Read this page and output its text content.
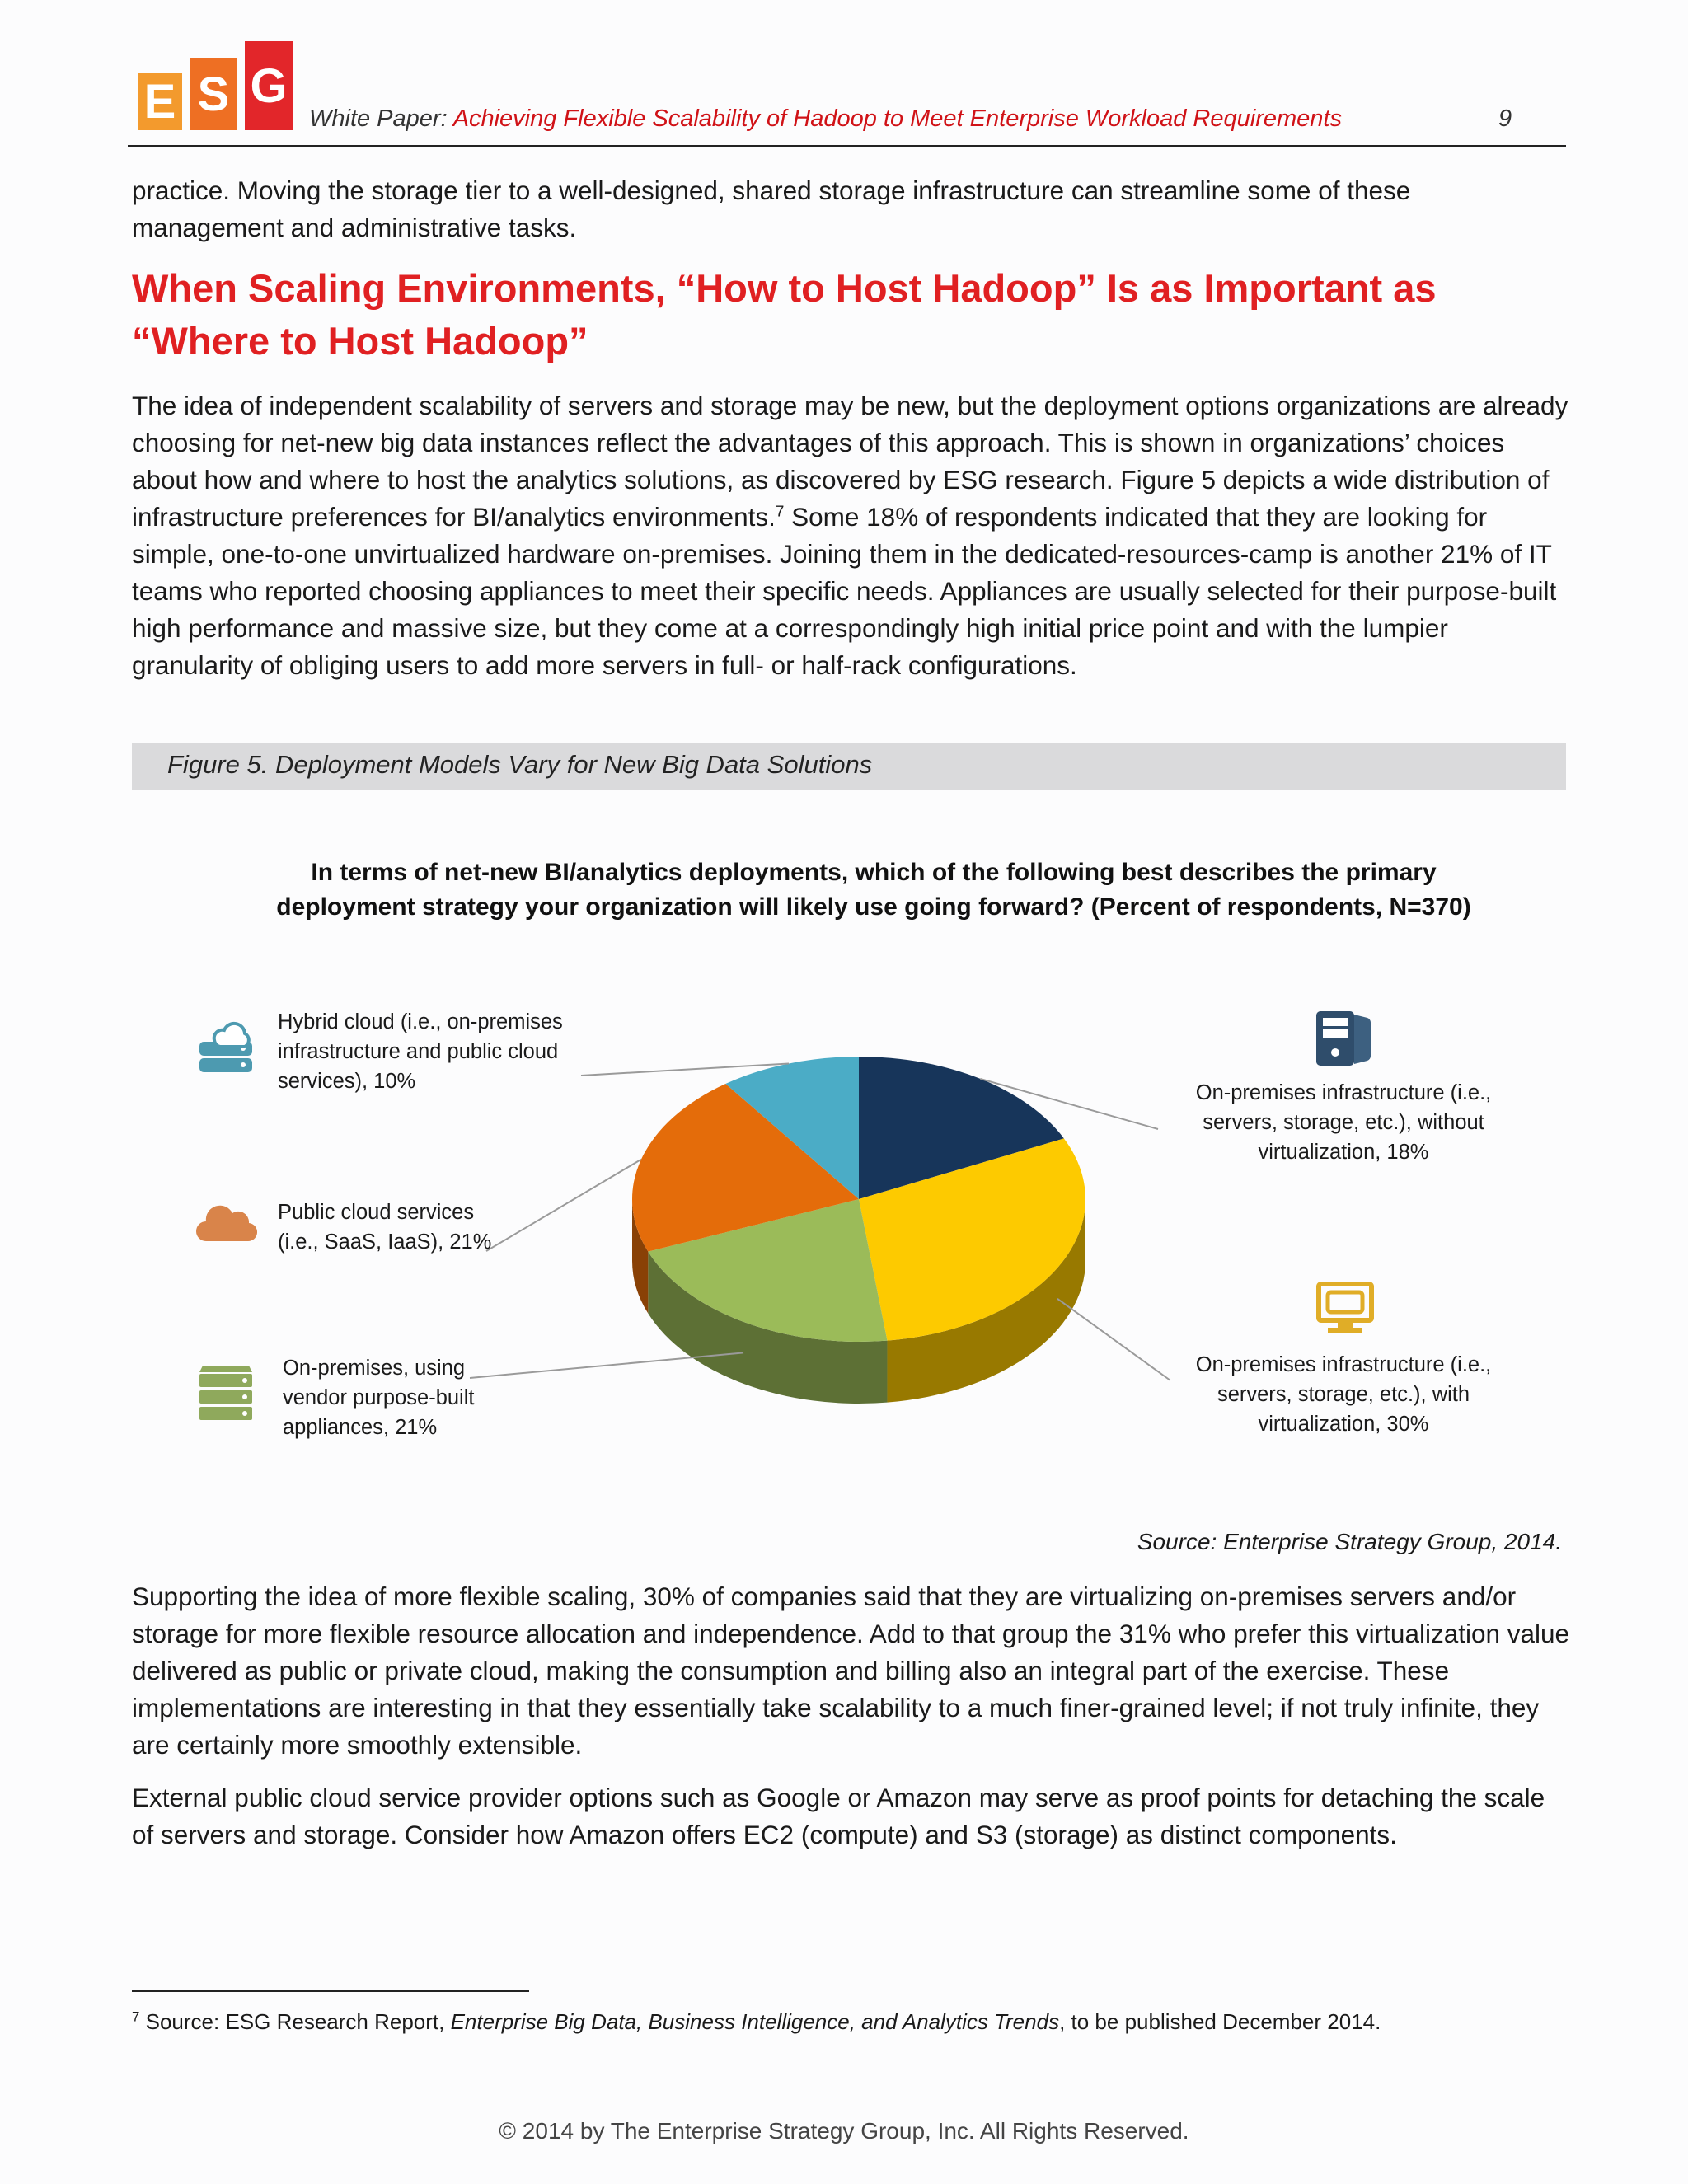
E S G
White Paper: Achieving Flexible Scalability of Hadoop to Meet Enterprise Workload Requirements	9
practice. Moving the storage tier to a well-designed, shared storage infrastructure can streamline some of these management and administrative tasks.
When Scaling Environments, “How to Host Hadoop” Is as Important as “Where to Host Hadoop”
The idea of independent scalability of servers and storage may be new, but the deployment options organizations are already choosing for net-new big data instances reflect the advantages of this approach. This is shown in organizations’ choices about how and where to host the analytics solutions, as discovered by ESG research. Figure 5 depicts a wide distribution of infrastructure preferences for BI/analytics environments.$^7$ Some 18% of respondents indicated that they are looking for simple, one-to-one unvirtualized hardware on-premises. Joining them in the dedicated-resources-camp is another 21% of IT teams who reported choosing appliances to meet their specific needs. Appliances are usually selected for their purpose-built high performance and massive size, but they come at a correspondingly high initial price point and with the lumpier granularity of obliging users to add more servers in full- or half-rack configurations.
Figure 5. Deployment Models Vary for New Big Data Solutions
In terms of net-new BI/analytics deployments, which of the following best describes the primary
deployment strategy your organization will likely use going forward? (Percent of respondents, N=370)
Hybrid cloud (i.e., on-premises
infrastructure and public cloud
services), 10%
Public cloud services
(i.e., SaaS, IaaS), 21%
On-premises, using
vendor purpose-built
appliances, 21%
On-premises infrastructure (i.e.,
servers, storage, etc.), without
virtualization, 18%
On-premises infrastructure (i.e.,
servers, storage, etc.), with
virtualization, 30%
Source: Enterprise Strategy Group, 2014.
Supporting the idea of more flexible scaling, 30% of companies said that they are virtualizing on-premises servers and/or storage for more flexible resource allocation and independence. Add to that group the 31% who prefer this virtualization value delivered as public or private cloud, making the consumption and billing also an integral part of the exercise. These implementations are interesting in that they essentially take scalability to a much finer-grained level; if not truly infinite, they are certainly more smoothly extensible.
External public cloud service provider options such as Google or Amazon may serve as proof points for detaching the scale of servers and storage. Consider how Amazon offers EC2 (compute) and S3 (storage) as distinct components.
$^7$ Source: ESG Research Report, Enterprise Big Data, Business Intelligence, and Analytics Trends, to be published December 2014.
© 2014 by The Enterprise Strategy Group, Inc. All Rights Reserved.
